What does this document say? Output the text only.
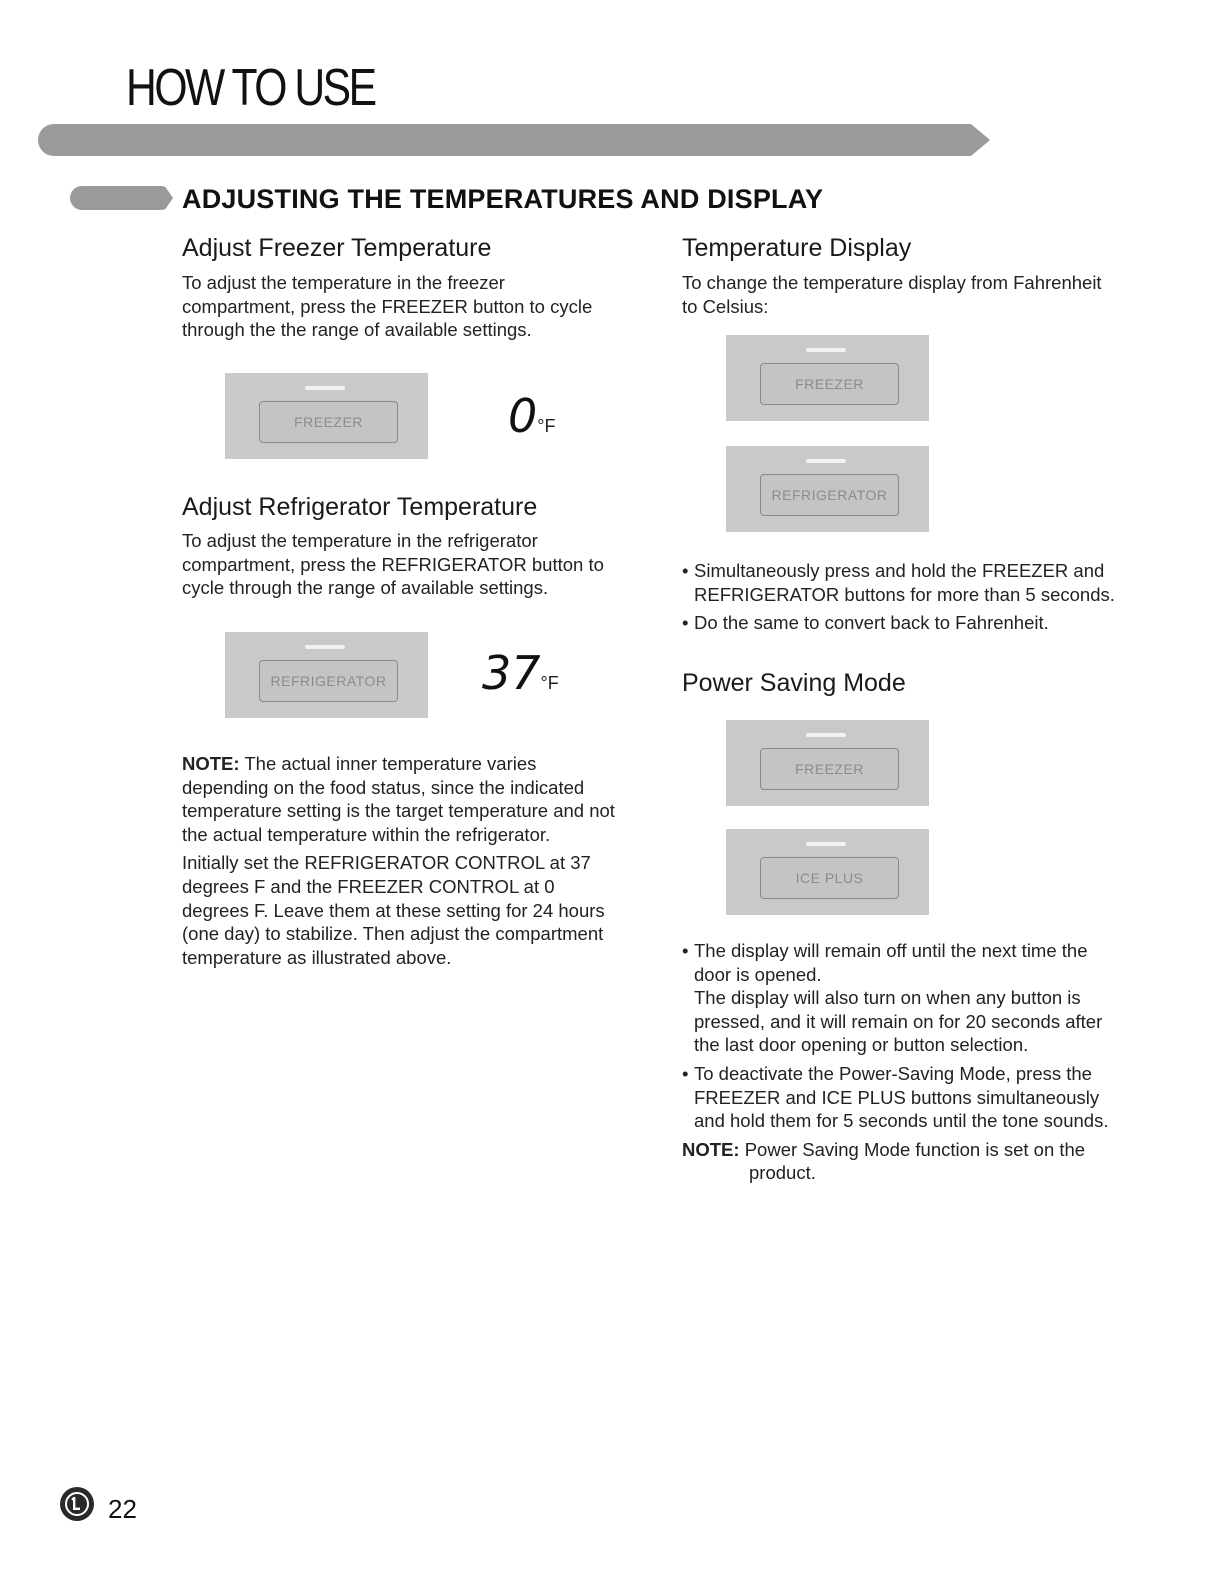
HOW TO USE
ADJUSTING THE TEMPERATURES AND DISPLAY
Adjust Freezer Temperature
To adjust the temperature in the freezer
compartment, press the FREEZER button to cycle
through the the range of available settings.
FREEZER	0°F
Adjust Refrigerator Temperature
To adjust the temperature in the refrigerator
compartment, press the REFRIGERATOR button to
cycle through the range of available settings.
REFRIGERATOR 37°F
NOTE: The actual inner temperature varies
depending on the food status, since the indicated
temperature setting is the target temperature and not
the actual temperature within the refrigerator.
Initially set the REFRIGERATOR CONTROL at 37
degrees F and the FREEZER CONTROL at 0
degrees F. Leave them at these setting for 24 hours
(one day) to stabilize. Then adjust the compartment
temperature as illustrated above.
Temperature Display
To change the temperature display from Fahrenheit
to Celsius:
FREEZER
REFRIGERATOR
• Simultaneously press and hold the FREEZER and
REFRIGERATOR buttons for more than 5 seconds.
• Do the same to convert back to Fahrenheit.
Power Saving Mode
FREEZER
ICE PLUS
• The display will remain off until the next time the
door is opened.
The display will also turn on when any button is
pressed, and it will remain on for 20 seconds after
the last door opening or button selection.
• To deactivate the Power-Saving Mode, press the
FREEZER and ICE PLUS buttons simultaneously
and hold them for 5 seconds until the tone sounds.
NOTE: Power Saving Mode function is set on the
product.
22
